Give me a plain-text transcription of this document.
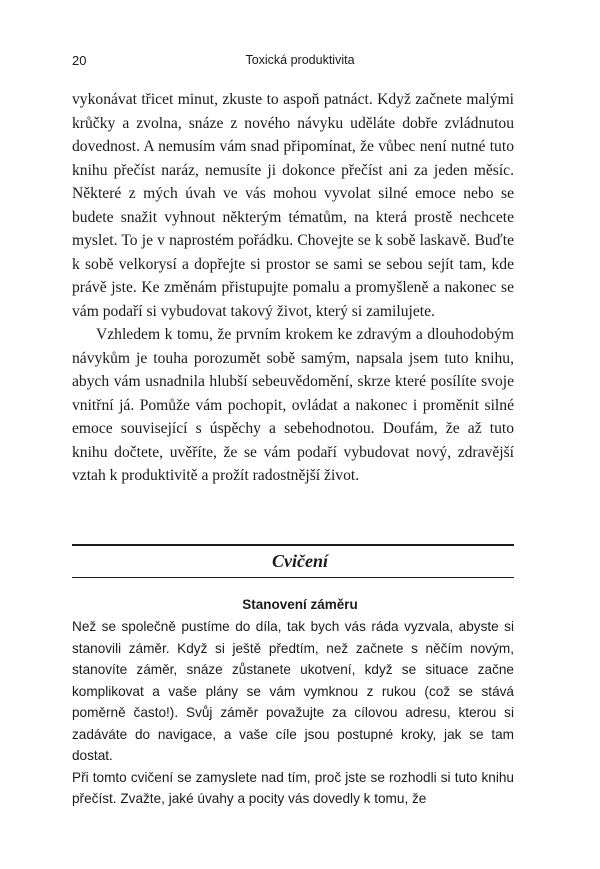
20	Toxická produktivita

vykonávat třicet minut, zkuste to aspoň patnáct. Když začnete malými krůčky a zvolna, snáze z nového návyku uděláte dobře zvládnutou dovednost. A nemusím vám snad připomínat, že vůbec není nutné tuto knihu přečíst naráz, nemusíte ji dokonce přečíst ani za jeden měsíc. Některé z mých úvah ve vás mohou vyvolat silné emoce nebo se budete snažit vyhnout některým tématům, na která prostě nechcete myslet. To je v naprostém pořádku. Chovejte se k sobě laskavě. Buďte k sobě velkorysí a dopřejte si prostor se sami se sebou sejít tam, kde právě jste. Ke změnám přistupujte pomalu a promyšleně a nakonec se vám podaří si vybudovat takový život, který si zamilujete.

Vzhledem k tomu, že prvním krokem ke zdravým a dlouhodobým návykům je touha porozumět sobě samým, napsala jsem tuto knihu, abych vám usnadnila hlubší sebeuvědomění, skrze které posílíte svoje vnitřní já. Pomůže vám pochopit, ovládat a nakonec i proměnit silné emoce související s úspěchy a sebehodnotou. Doufám, že až tuto knihu dočtete, uvěříte, že se vám podaří vybudovat nový, zdravější vztah k produktivitě a prožít radostnější život.

Cvičení
Stanovení záměru

Než se společně pustíme do díla, tak bych vás ráda vyzvala, abyste si stanovili záměr. Když si ještě předtím, než začnete s něčím novým, stanovíte záměr, snáze zůstanete ukotvení, když se situace začne komplikovat a vaše plány se vám vymknou z rukou (což se stává poměrně často!). Svůj záměr považujte za cílovou adresu, kterou si zadáváte do navigace, a vaše cíle jsou postupné kroky, jak se tam dostat.

Při tomto cvičení se zamyslete nad tím, proč jste se rozhodli si tuto knihu přečíst. Zvažte, jaké úvahy a pocity vás dovedly k tomu, že
